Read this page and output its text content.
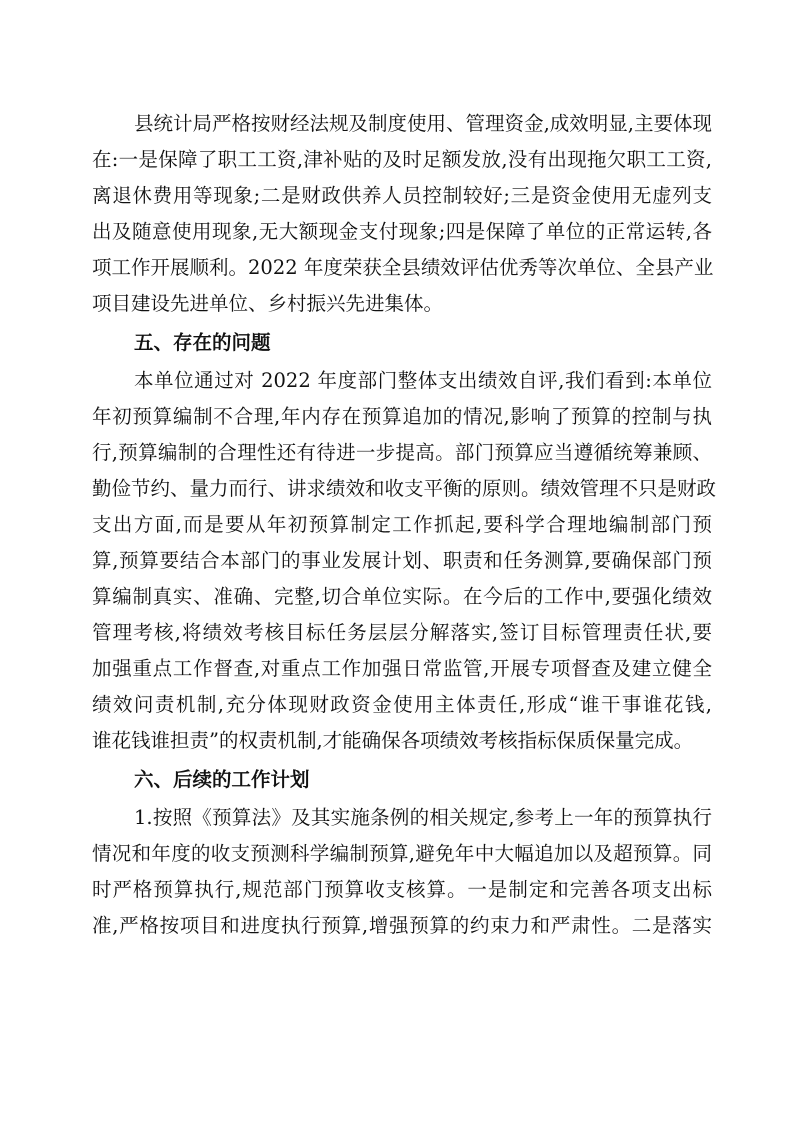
县统计局严格按财经法规及制度使用、管理资金,成效明显,主要体现
在:一是保障了职工工资,津补贴的及时足额发放,没有出现拖欠职工工资,
离退休费用等现象;二是财政供养人员控制较好;三是资金使用无虚列支
出及随意使用现象,无大额现金支付现象;四是保障了单位的正常运转,各
项工作开展顺利。2022 年度荣获全县绩效评估优秀等次单位、全县产业
项目建设先进单位、乡村振兴先进集体。
五、存在的问题
本单位通过对 2022 年度部门整体支出绩效自评,我们看到:本单位
年初预算编制不合理,年内存在预算追加的情况,影响了预算的控制与执
行,预算编制的合理性还有待进一步提高。部门预算应当遵循统筹兼顾、
勤俭节约、量力而行、讲求绩效和收支平衡的原则。绩效管理不只是财政
支出方面,而是要从年初预算制定工作抓起,要科学合理地编制部门预
算,预算要结合本部门的事业发展计划、职责和任务测算,要确保部门预
算编制真实、准确、完整,切合单位实际。在今后的工作中,要强化绩效
管理考核,将绩效考核目标任务层层分解落实,签订目标管理责任状,要
加强重点工作督查,对重点工作加强日常监管,开展专项督查及建立健全
绩效问责机制,充分体现财政资金使用主体责任,形成“谁干事谁花钱,
谁花钱谁担责”的权责机制,才能确保各项绩效考核指标保质保量完成。
六、后续的工作计划
1.按照《预算法》及其实施条例的相关规定,参考上一年的预算执行
情况和年度的收支预测科学编制预算,避免年中大幅追加以及超预算。同
时严格预算执行,规范部门预算收支核算。一是制定和完善各项支出标
准,严格按项目和进度执行预算,增强预算的约束力和严肃性。二是落实
